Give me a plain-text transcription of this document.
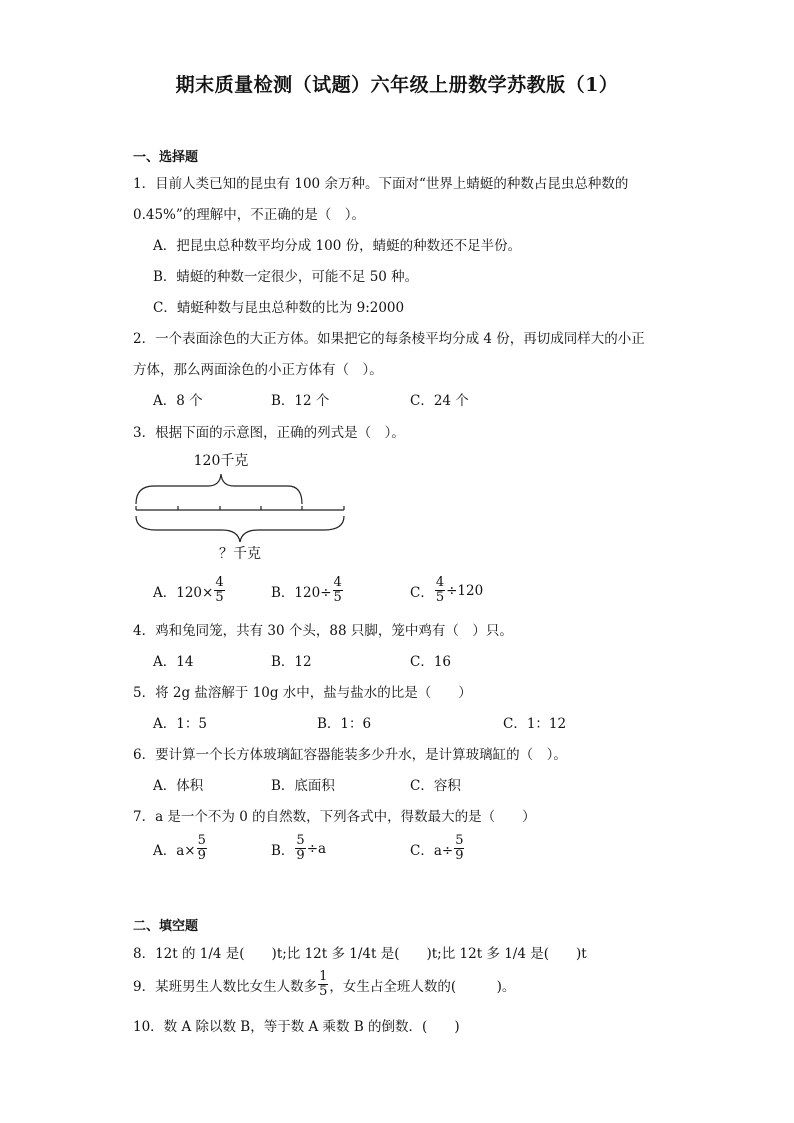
期末质量检测（试题）六年级上册数学苏教版（1）
一、选择题
1．目前人类已知的昆虫有 100 余万种。下面对“世界上蜻蜓的种数占昆虫总种数的
0.45%”的理解中，不正确的是（　）。
A．把昆虫总种数平均分成 100 份，蜻蜓的种数还不足半份。
B．蜻蜓的种数一定很少，可能不足 50 种。
C．蜻蜓种数与昆虫总种数的比为 9:2000
2．一个表面涂色的大正方体。如果把它的每条棱平均分成 4 份，再切成同样大的小正
方体，那么两面涂色的小正方体有（　）。
A．8 个	B．12 个	C．24 个
3．根据下面的示意图，正确的列式是（　）。
120千克
？千克
A．$120\times \frac{4}{5}$	B．$120\div \frac{4}{5}$	C． $\frac{4}{5} \div 120$
4．鸡和兔同笼，共有 30 个头，88 只脚，笼中鸡有（　）只。
A．14	B．12	C．16
5．将 2g 盐溶解于 10g 水中，盐与盐水的比是（　　）
A．1：5	B．1：6	C．1：12
6．要计算一个长方体玻璃缸容器能装多少升水，是计算玻璃缸的（　）。
A．体积	B．底面积	C．容积
7．a 是一个不为 0 的自然数，下列各式中，得数最大的是（　　）
A．$a\times \frac{5}{9}$	B． $\frac{5}{9} \div a$	C．$a\div \frac{5}{9}$
二、填空题
8．12t 的 1/4 是(　　)t;比 12t 多 1/4t 是(　　)t;比 12t 多 1/4 是(　　)t
9．某班男生人数比女生人数多 $\frac{1}{5}$ ，女生占全班人数的(　　　)。
10．数 A 除以数 B，等于数 A 乘数 B 的倒数．(　　)
